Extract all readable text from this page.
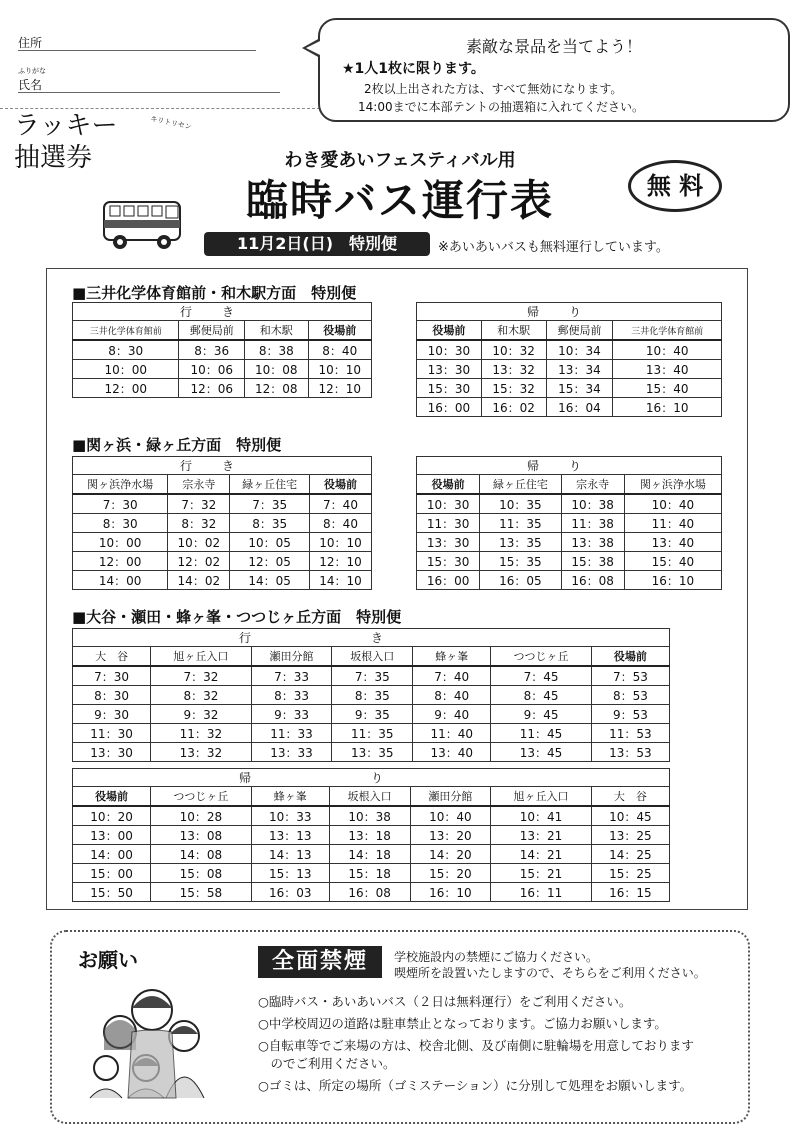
住所
ふりがな
氏名
ラッキー
抽選券
キリトリセン
素敵な景品を当てよう！
★1人1枚に限ります。
2枚以上出された方は、すべて無効になります。
14:00までに本部テントの抽選箱に入れてください。
わき愛あいフェスティバル用
臨時バス運行表	無 料
11月2日(日)　特別便	※あいあいバスも無料運行しています。
■三井化学体育館前・和木駅方面　特別便
行き			
三井化学体育館前	郵便局前	和木駅	役場前
8：30	8：36	8：38	8：40
10：00	10：06	10：08	10：10
12：00	12：06	12：08	12：10
帰り			
役場前	和木駅	郵便局前	三井化学体育館前
10：30	10：32	10：34	10：40
13：30	13：32	13：34	13：40
15：30	15：32	15：34	15：40
16：00	16：02	16：04	16：10
■関ヶ浜・緑ヶ丘方面　特別便
行き			
関ヶ浜浄水場	宗永寺	緑ヶ丘住宅	役場前
7：30	7：32	7：35	7：40
8：30	8：32	8：35	8：40
10：00	10：02	10：05	10：10
12：00	12：02	12：05	12：10
14：00	14：02	14：05	14：10
帰り			
役場前	緑ヶ丘住宅	宗永寺	関ヶ浜浄水場
10：30	10：35	10：38	10：40
11：30	11：35	11：38	11：40
13：30	13：35	13：38	13：40
15：30	15：35	15：38	15：40
16：00	16：05	16：08	16：10
■大谷・瀬田・蜂ヶ峯・つつじヶ丘方面　特別便
行き						
大　谷	旭ヶ丘入口	瀬田分館	坂根入口	蜂ヶ峯	つつじヶ丘	役場前
7：30	7：32	7：33	7：35	7：40	7：45	7：53
8：30	8：32	8：33	8：35	8：40	8：45	8：53
9：30	9：32	9：33	9：35	9：40	9：45	9：53
11：30	11：32	11：33	11：35	11：40	11：45	11：53
13：30	13：32	13：33	13：35	13：40	13：45	13：53
帰り						
役場前	つつじヶ丘	蜂ヶ峯	坂根入口	瀬田分館	旭ヶ丘入口	大　谷
10：20	10：28	10：33	10：38	10：40	10：41	10：45
13：00	13：08	13：13	13：18	13：20	13：21	13：25
14：00	14：08	14：13	14：18	14：20	14：21	14：25
15：00	15：08	15：13	15：18	15：20	15：21	15：25
15：50	15：58	16：03	16：08	16：10	16：11	16：15
お願い	全面禁煙	学校施設内の禁煙にご協力ください。
喫煙所を設置いたしますので、そちらをご利用ください。
○臨時バス・あいあいバス（２日は無料運行）をご利用ください。
○中学校周辺の道路は駐車禁止となっております。ご協力お願いします。
○自転車等でご来場の方は、校舎北側、及び南側に駐輪場を用意しております
　のでご利用ください。
○ゴミは、所定の場所（ゴミステーション）に分別して処理をお願いします。
